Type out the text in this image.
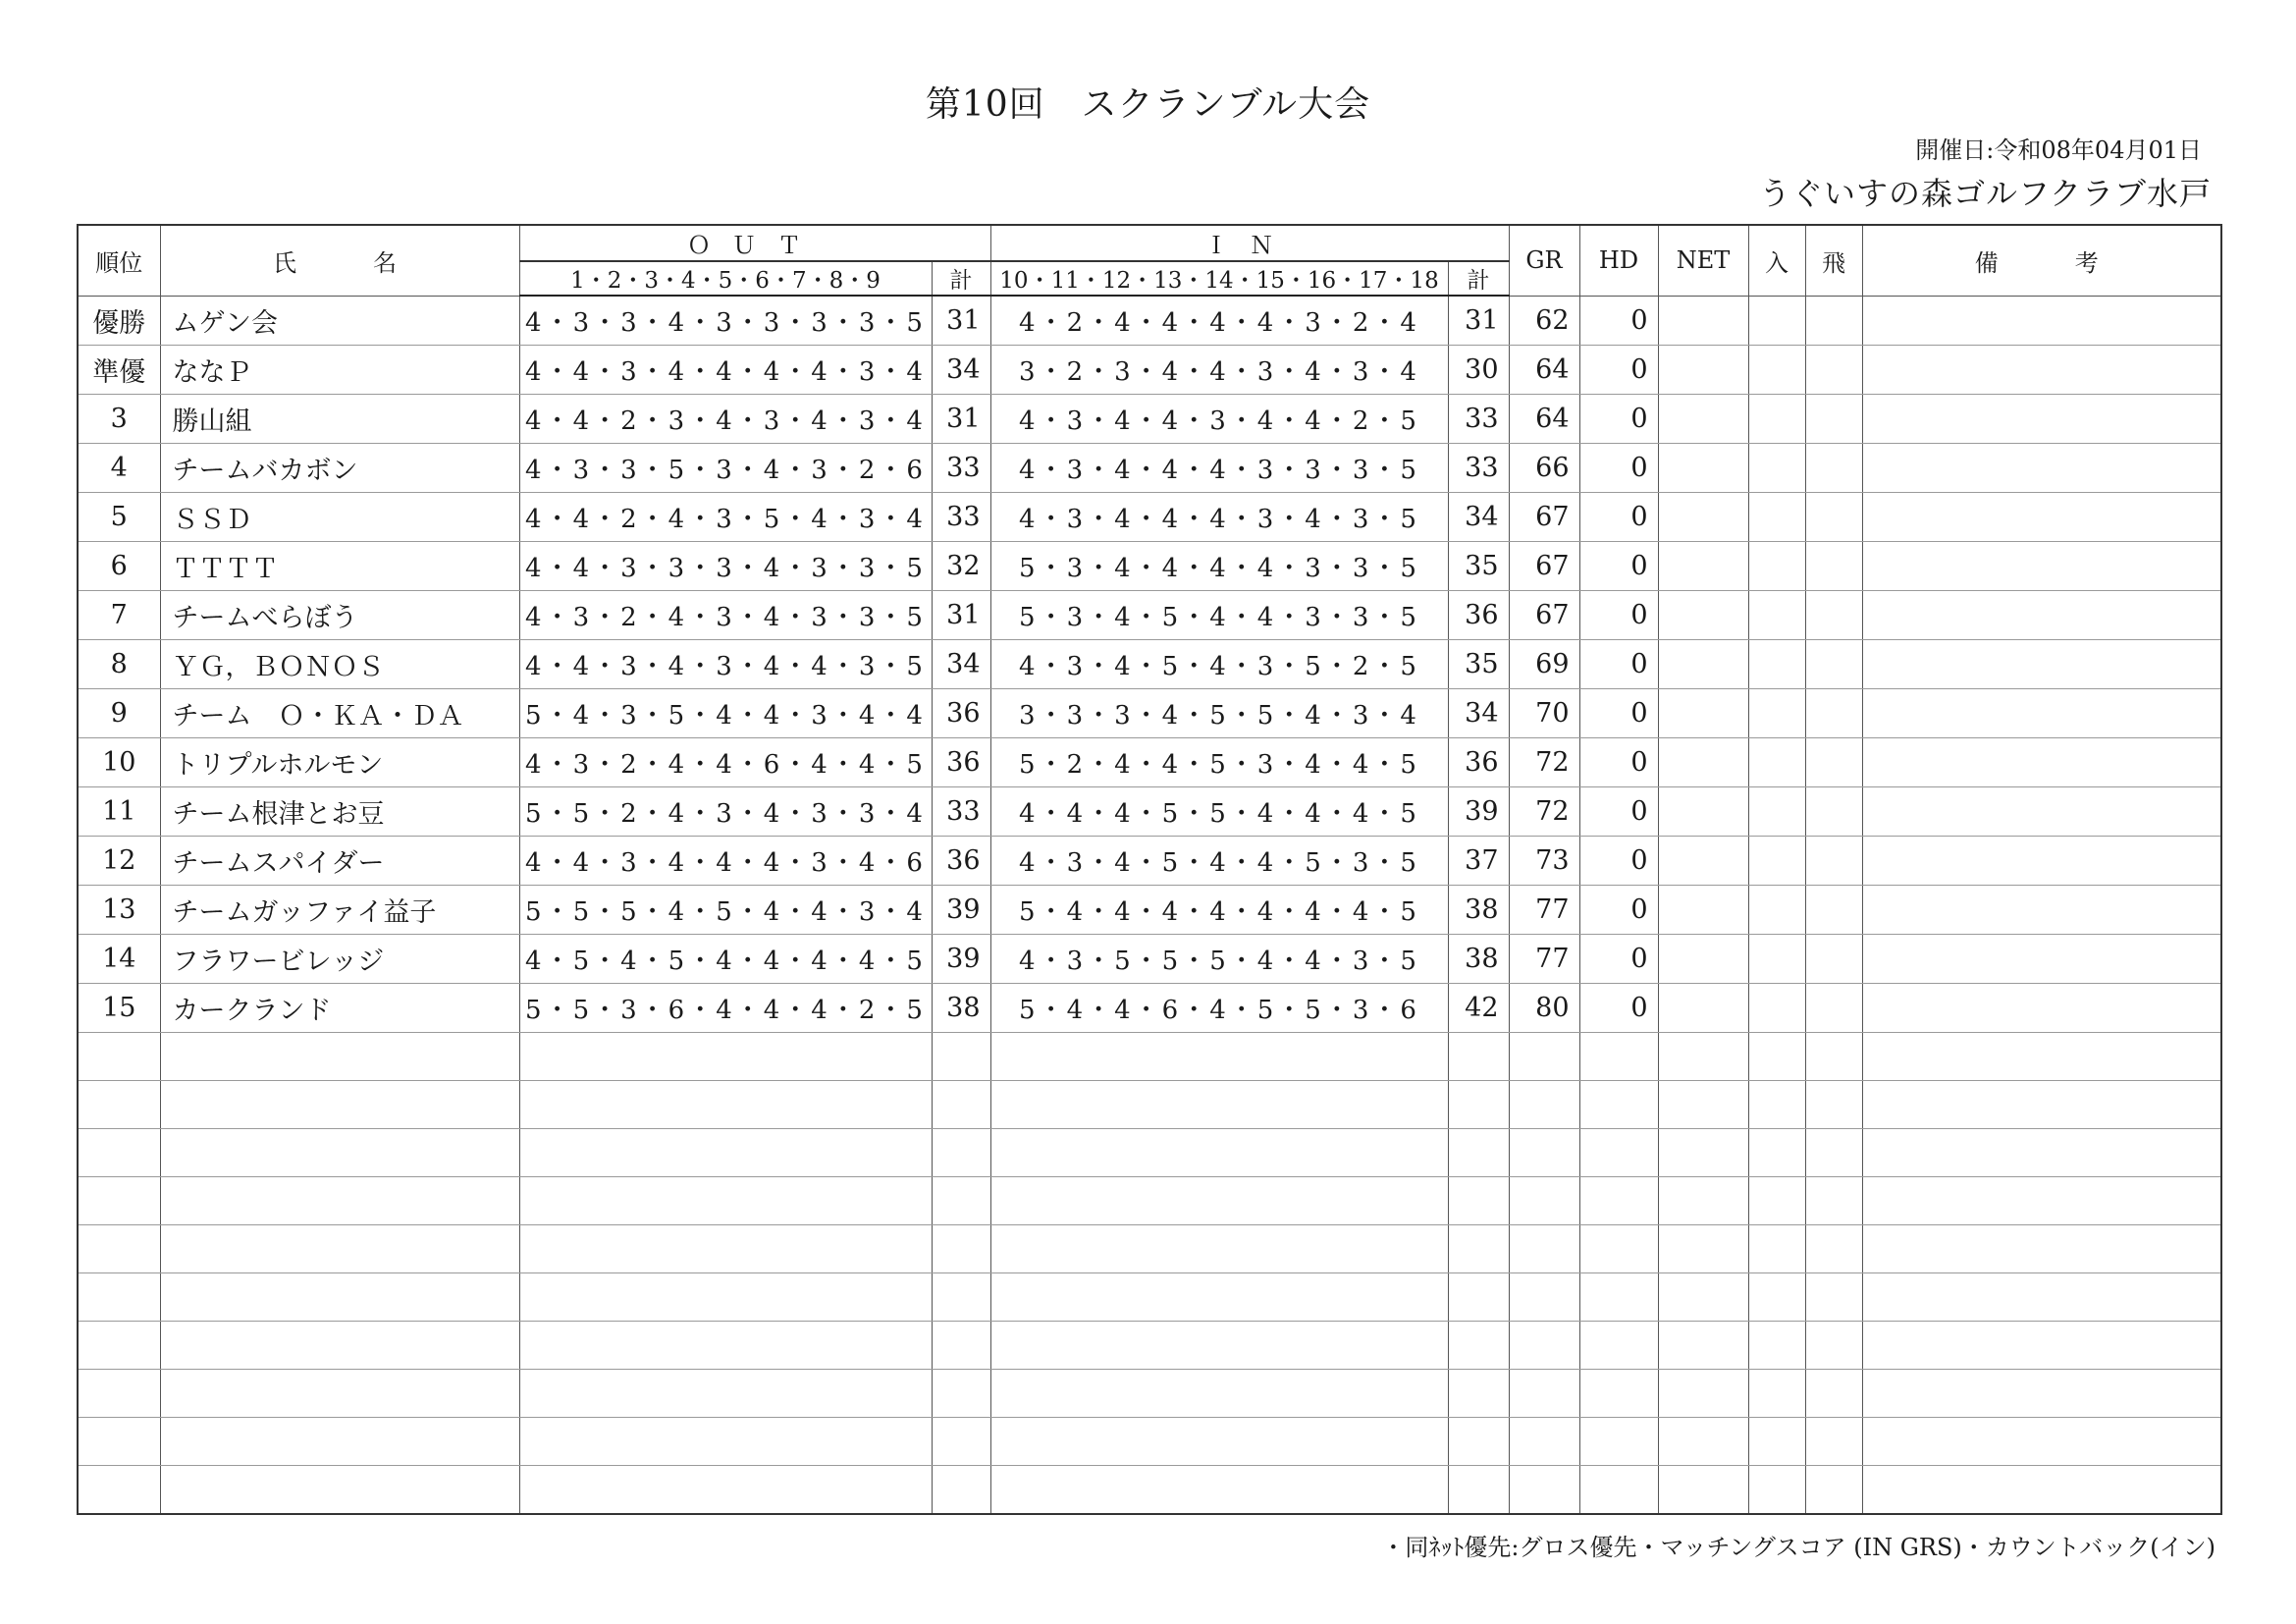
第10回　スクランブル大会
開催日:令和08年04月01日
うぐいすの森ゴルフクラブ水戸
順位	氏　　名	ＯＵＴ		ＩＮ		GR	HD	NET	入	飛	備　　考
		1・2・3・4・5・6・7・8・9	計	10・11・12・13・14・15・16・17・18	計						
優勝	ムゲン会	4・3・3・4・3・3・3・3・5	31	4・2・4・4・4・4・3・2・4	31	62	0				
準優	ななＰ	4・4・3・4・4・4・4・3・4	34	3・2・3・4・4・3・4・3・4	30	64	0				
3	勝山組	4・4・2・3・4・3・4・3・4	31	4・3・4・4・3・4・4・2・5	33	64	0				
4	チームバカボン	4・3・3・5・3・4・3・2・6	33	4・3・4・4・4・3・3・3・5	33	66	0				
5	ＳＳＤ	4・4・2・4・3・5・4・3・4	33	4・3・4・4・4・3・4・3・5	34	67	0				
6	ＴＴＴＴ	4・4・3・3・3・4・3・3・5	32	5・3・4・4・4・4・3・3・5	35	67	0				
7	チームべらぼう	4・3・2・4・3・4・3・3・5	31	5・3・4・5・4・4・3・3・5	36	67	0				
8	ＹＧ，ＢＯＮＯＳ	4・4・3・4・3・4・4・3・5	34	4・3・4・5・4・3・5・2・5	35	69	0				
9	チーム　Ｏ・ＫＡ・ＤＡ	5・4・3・5・4・4・3・4・4	36	3・3・3・4・5・5・4・3・4	34	70	0				
10	トリプルホルモン	4・3・2・4・4・6・4・4・5	36	5・2・4・4・5・3・4・4・5	36	72	0				
11	チーム根津とお豆	5・5・2・4・3・4・3・3・4	33	4・4・4・5・5・4・4・4・5	39	72	0				
12	チームスパイダー	4・4・3・4・4・4・3・4・6	36	4・3・4・5・4・4・5・3・5	37	73	0				
13	チームガッファイ益子	5・5・5・4・5・4・4・3・4	39	5・4・4・4・4・4・4・4・5	38	77	0				
14	フラワービレッジ	4・5・4・5・4・4・4・4・5	39	4・3・5・5・5・4・4・3・5	38	77	0				
15	カークランド	5・5・3・6・4・4・4・2・5	38	5・4・4・6・4・5・5・3・6	42	80	0				

・同ﾈｯﾄ優先:グロス優先・マッチングスコア (IN GRS)・カウントバック(イン)
